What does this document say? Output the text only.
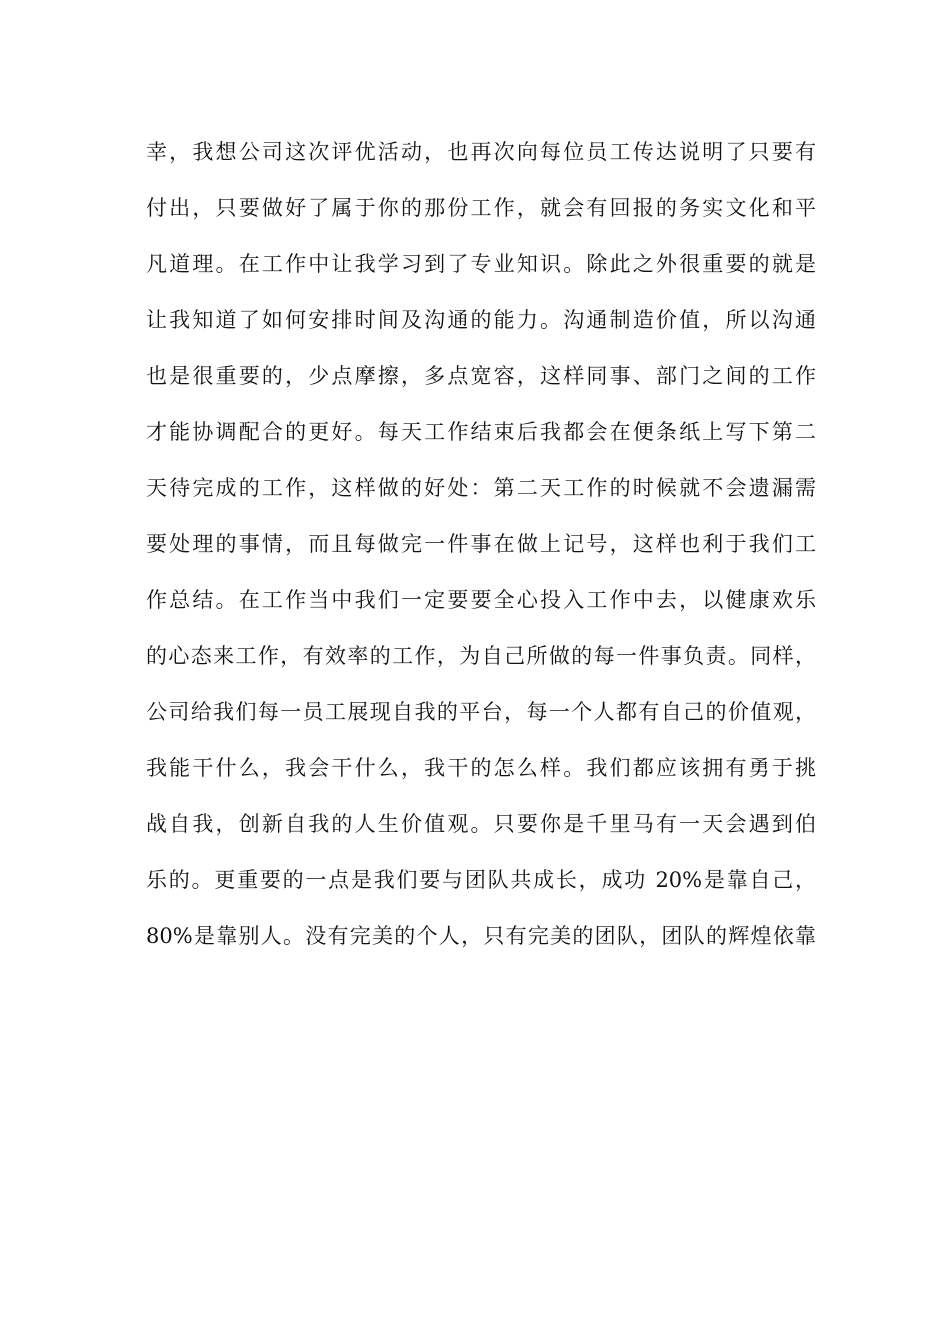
幸，我想公司这次评优活动，也再次向每位员工传达说明了只要有
付出，只要做好了属于你的那份工作，就会有回报的务实文化和平
凡道理。在工作中让我学习到了专业知识。除此之外很重要的就是
让我知道了如何安排时间及沟通的能力。沟通制造价值，所以沟通
也是很重要的，少点摩擦，多点宽容，这样同事、部门之间的工作
才能协调配合的更好。每天工作结束后我都会在便条纸上写下第二
天待完成的工作，这样做的好处：第二天工作的时候就不会遗漏需
要处理的事情，而且每做完一件事在做上记号，这样也利于我们工
作总结。在工作当中我们一定要要全心投入工作中去，以健康欢乐
的心态来工作，有效率的工作，为自己所做的每一件事负责。同样，
公司给我们每一员工展现自我的平台，每一个人都有自己的价值观，
我能干什么，我会干什么，我干的怎么样。我们都应该拥有勇于挑
战自我，创新自我的人生价值观。只要你是千里马有一天会遇到伯
乐的。更重要的一点是我们要与团队共成长，成功 20%是靠自己，
80%是靠别人。没有完美的个人，只有完美的团队，团队的辉煌依靠
